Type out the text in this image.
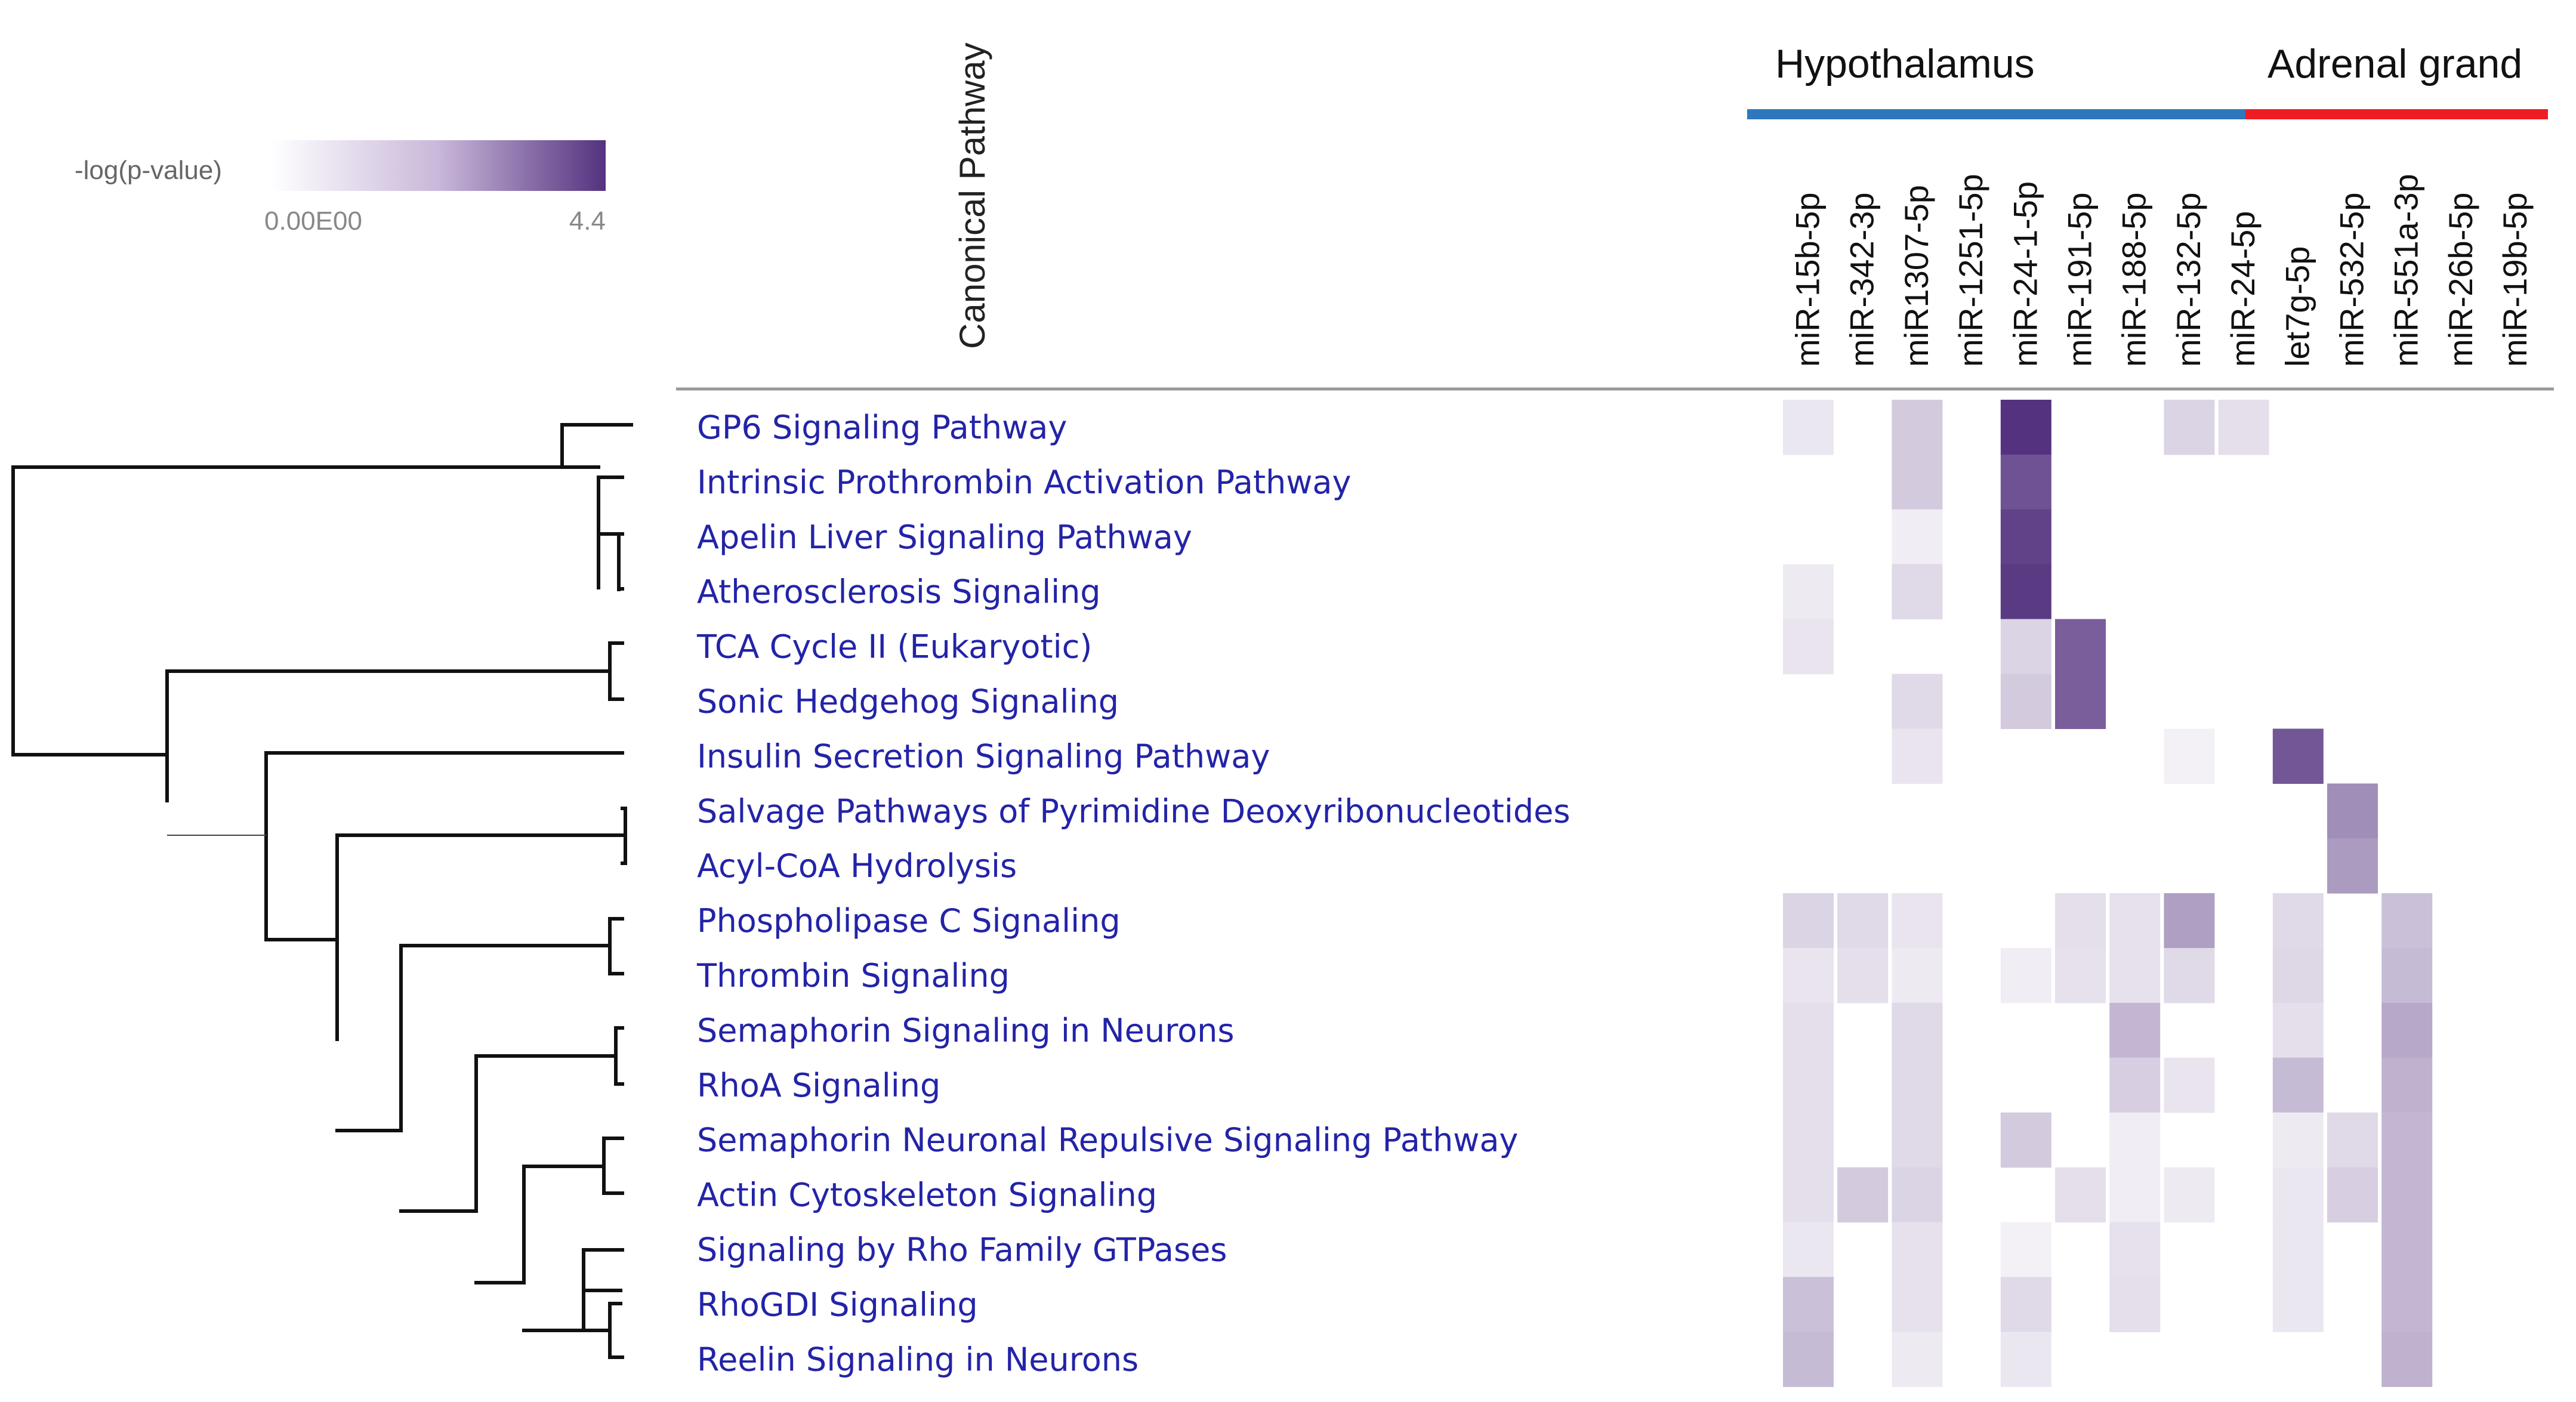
-log(p-value)
0.00E00	4.4	Canonical Pathway	Hypothalamus	Adrenal grand
miR-15b-5p miR-342-3p miR1307-5p miR-1251-5p miR-24-1-5p miR-191-5p miR-188-5p miR-132-5p miR-24-5p let7g-5p miR-532-5p miR-551a-3p miR-26b-5p miR-19b-5p
GP6 Signaling Pathway
Intrinsic Prothrombin Activation Pathway
Apelin Liver Signaling Pathway
Atherosclerosis Signaling
TCA Cycle II (Eukaryotic)
Sonic Hedgehog Signaling
Insulin Secretion Signaling Pathway
Salvage Pathways of Pyrimidine Deoxyribonucleotides
Acyl-CoA Hydrolysis
Phospholipase C Signaling
Thrombin Signaling
Semaphorin Signaling in Neurons
RhoA Signaling
Semaphorin Neuronal Repulsive Signaling Pathway
Actin Cytoskeleton Signaling
Signaling by Rho Family GTPases
RhoGDI Signaling
Reelin Signaling in Neurons
